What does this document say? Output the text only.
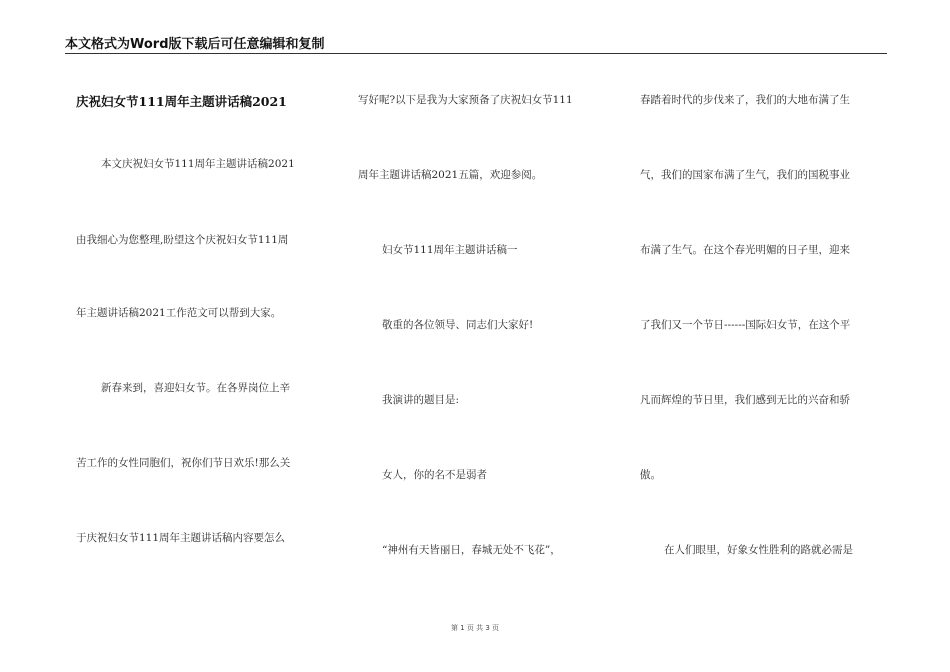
本文格式为Word版下载后可任意编辑和复制
庆祝妇女节111周年主题讲话稿2021
本文庆祝妇女节111周年主题讲话稿2021
由我细心为您整理,盼望这个庆祝妇女节111周
年主题讲话稿2021工作范文可以帮到大家。
新春来到，喜迎妇女节。在各界岗位上辛
苦工作的女性同胞们，祝你们节日欢乐!那么关
于庆祝妇女节111周年主题讲话稿内容要怎么
写好呢?以下是我为大家预备了庆祝妇女节111
周年主题讲话稿2021五篇，欢迎参阅。
妇女节111周年主题讲话稿一
敬重的各位领导、同志们大家好!
我演讲的题目是:
女人，你的名不是弱者
“神州有天皆丽日，春城无处不飞花”，
春踏着时代的步伐来了，我们的大地布满了生
气，我们的国家布满了生气，我们的国税事业
布满了生气。在这个春光明媚的日子里，迎来
了我们又一个节日------国际妇女节，在这个平
凡而辉煌的节日里，我们感到无比的兴奋和骄
傲。
在人们眼里，好象女性胜利的路就必需是
第 1 页 共 3 页
